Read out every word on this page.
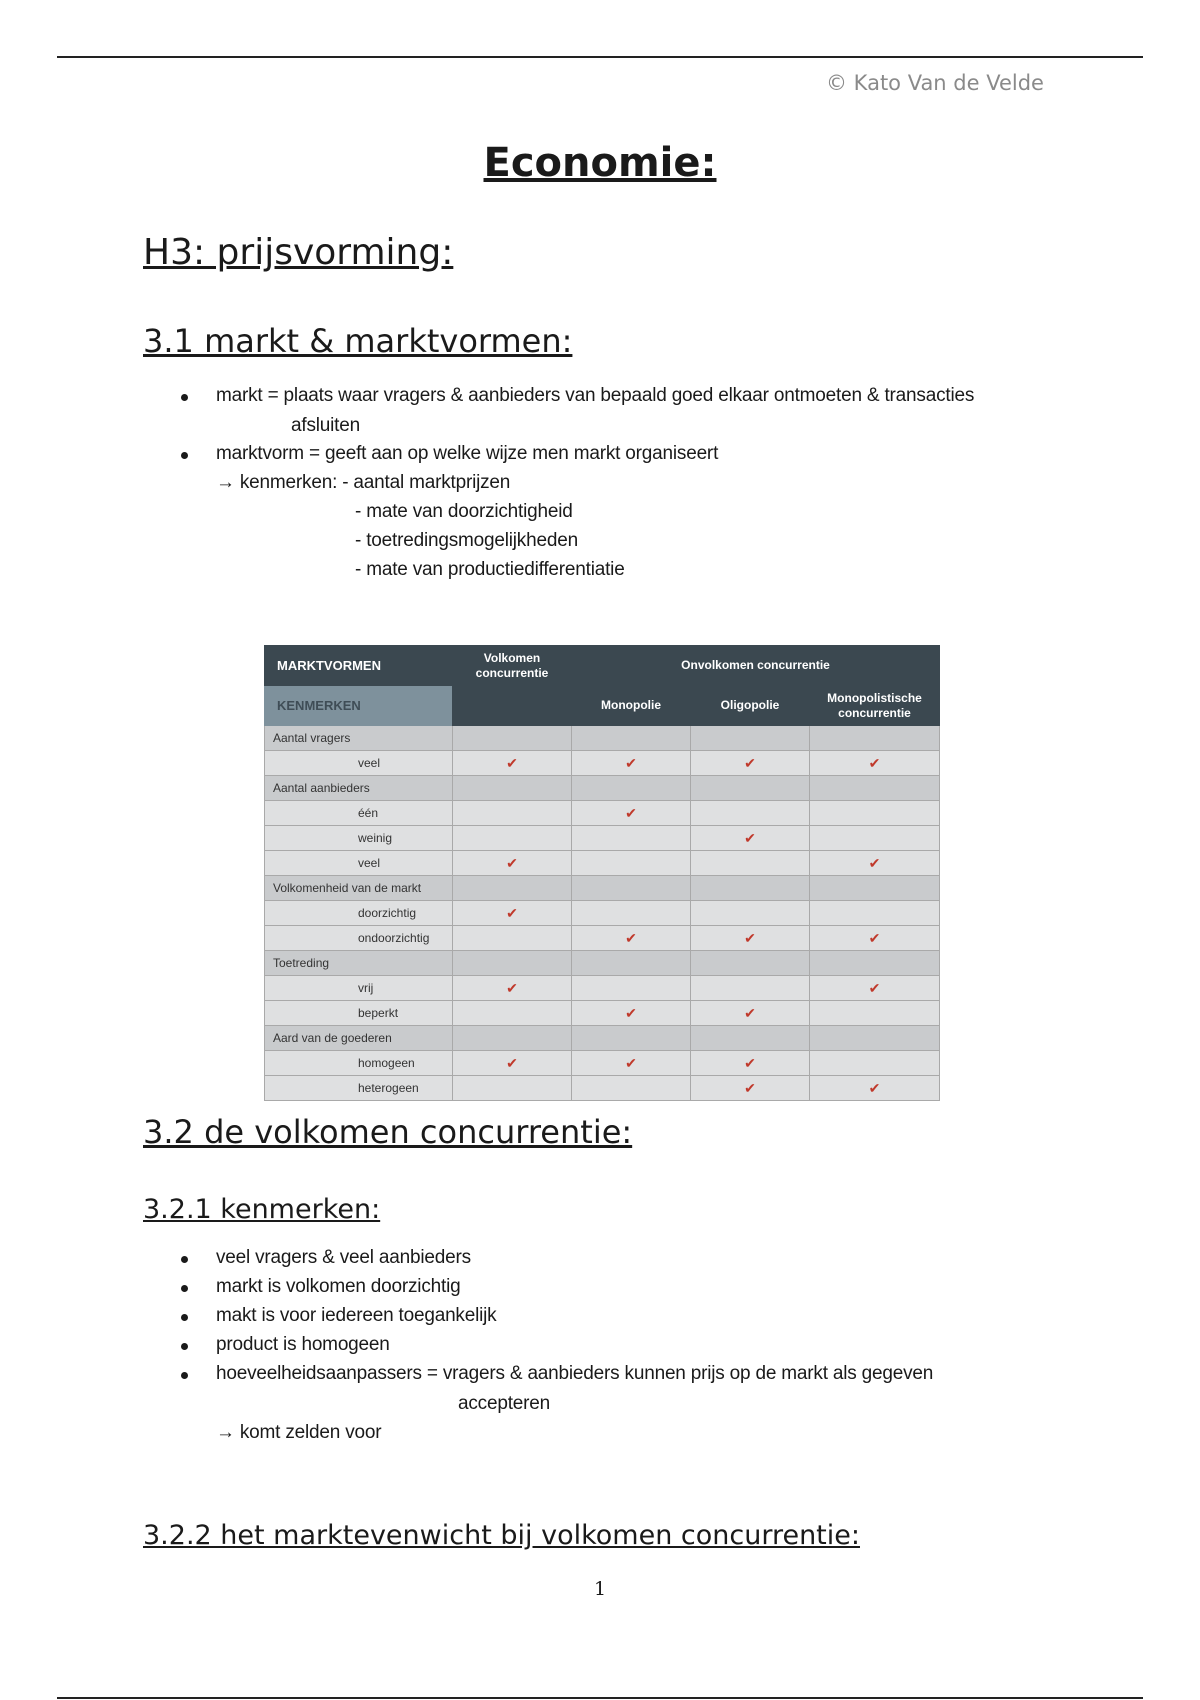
© Kato Van de Velde
Economie:
H3: prijsvorming:
3.1 markt & marktvormen:
markt = plaats waar vragers & aanbieders van bepaald goed elkaar ontmoeten & transacties
afsluiten
marktvorm = geeft aan op welke wijze men markt organiseert
→ kenmerken: - aantal marktprijzen
- mate van doorzichtigheid
- toetredingsmogelijkheden
- mate van productiedifferentiatie
MARKTVORMEN	Volkomen concurrentie	Onvolkomen concurrentie		
KENMERKEN		Monopolie	Oligopolie	Monopolistische concurrentie
Aantal vragers				
veel	✔	✔	✔	✔
Aantal aanbieders				
één		✔		
weinig			✔	
veel	✔			✔
Volkomenheid van de markt				
doorzichtig	✔			
ondoorzichtig		✔	✔	✔
Toetreding				
vrij	✔			✔
beperkt		✔	✔	
Aard van de goederen				
homogeen	✔	✔	✔	
heterogeen			✔	✔
3.2 de volkomen concurrentie:
3.2.1 kenmerken:
veel vragers & veel aanbieders
markt is volkomen doorzichtig
makt is voor iedereen toegankelijk
product is homogeen
hoeveelheidsaanpassers = vragers & aanbieders kunnen prijs op de markt als gegeven
accepteren
→ komt zelden voor
3.2.2 het marktevenwicht bij volkomen concurrentie:
1
